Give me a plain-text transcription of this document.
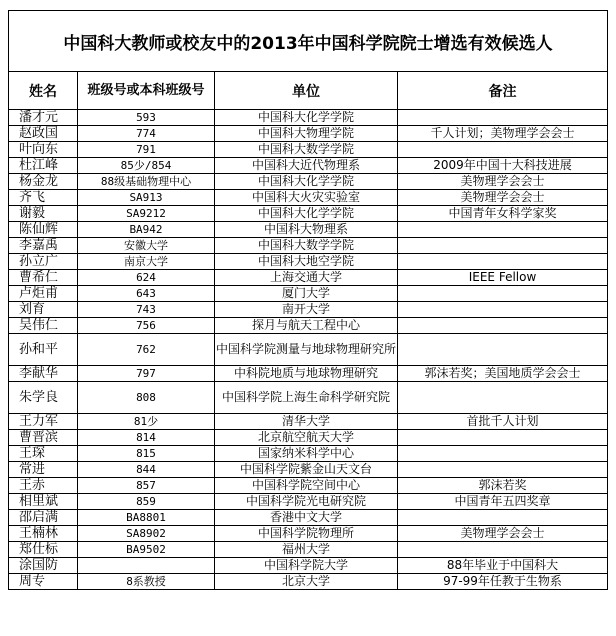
中国科大教师或校友中的2013年中国科学院院士增选有效候选人			
姓名	班级号或本科班级号	单位	备注
潘才元	593	中国科大化学学院	
赵政国	774	中国科大物理学院	千人计划；美物理学会会士
叶向东	791	中国科大数学学院	
杜江峰	85少/854	中国科大近代物理系	2009年中国十大科技进展
杨金龙	88级基础物理中心	中国科大化学学院	美物理学会会士
齐飞	SA913	中国科大火灾实验室	美物理学会会士
谢毅	SA9212	中国科大化学学院	中国青年女科学家奖
陈仙辉	BA942	中国科大物理系	
李嘉禹	安徽大学	中国科大数学学院	
孙立广	南京大学	中国科大地空学院	
曹希仁	624	上海交通大学	IEEE Fellow
卢炬甫	643	厦门大学	
刘育	743	南开大学	
吴伟仁	756	探月与航天工程中心	
孙和平	762	中国科学院测量与地球物理研究所	
李献华	797	中科院地质与地球物理研究	郭沫若奖；美国地质学会会士
朱学良	808	中国科学院上海生命科学研究院	
王力军	81少	清华大学	首批千人计划
曹晋滨	814	北京航空航天大学	
王琛	815	国家纳米科学中心	
常进	844	中国科学院紫金山天文台	
王赤	857	中国科学院空间中心	郭沫若奖
相里斌	859	中国科学院光电研究院	中国青年五四奖章
邵启满	BA8801	香港中文大学	
王楠林	SA8902	中国科学院物理所	美物理学会会士
郑仕标	BA9502	福州大学	
涂国防		中国科学院大学	88年毕业于中国科大
周专	8系教授	北京大学	97-99年任教于生物系
